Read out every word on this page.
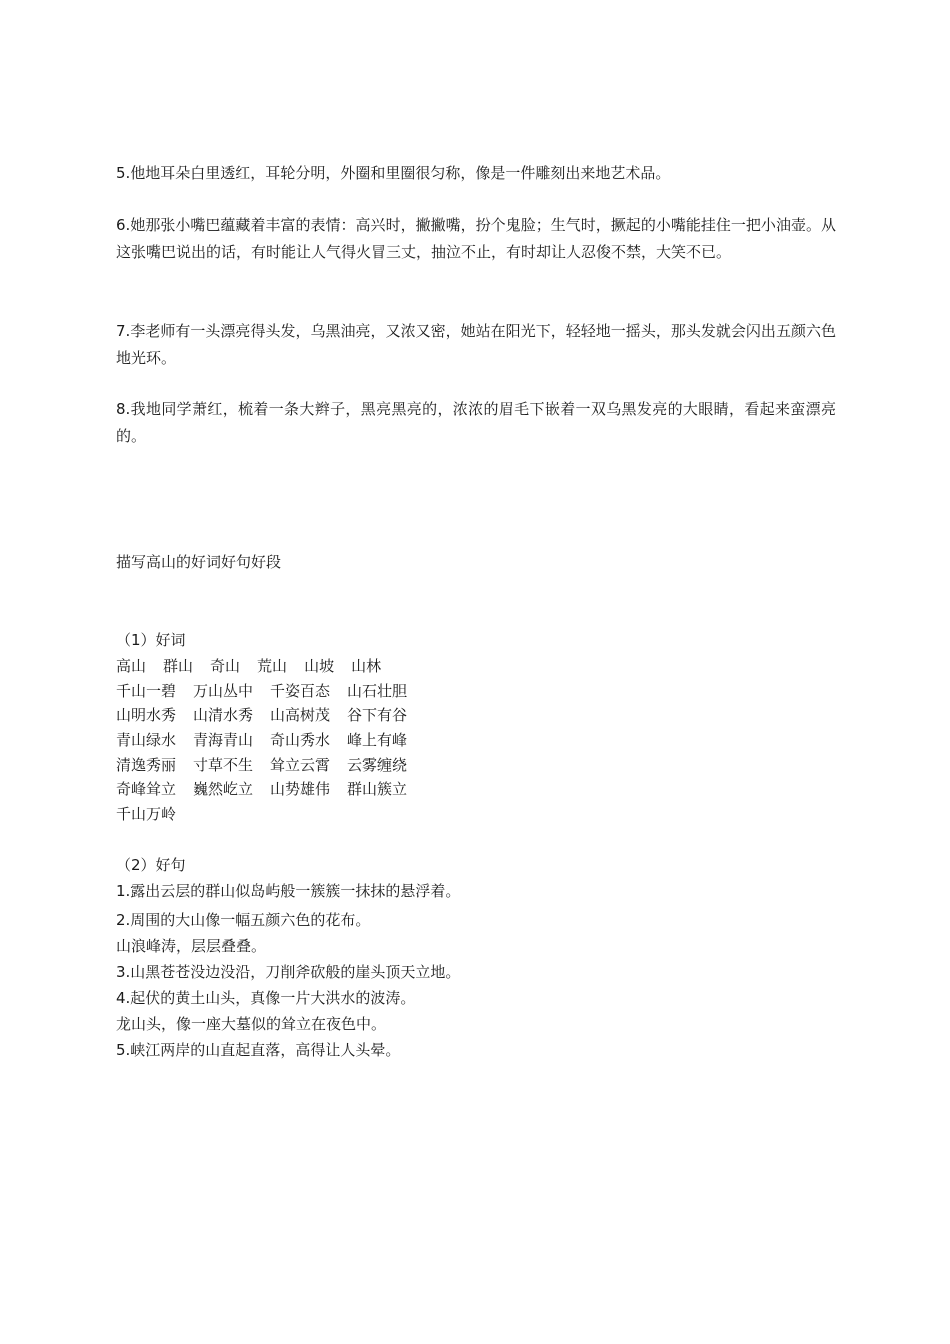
5.他地耳朵白里透红，耳轮分明，外圈和里圈很匀称，像是一件雕刻出来地艺术品。

6.她那张小嘴巴蕴藏着丰富的表情：高兴时，撇撇嘴，扮个鬼脸；生气时，撅起的小嘴能挂住一把小油壶。从这张嘴巴说出的话，有时能让人气得火冒三丈，抽泣不止，有时却让人忍俊不禁，大笑不已。

7.李老师有一头漂亮得头发，乌黑油亮，又浓又密，她站在阳光下，轻轻地一摇头，那头发就会闪出五颜六色地光环。

8.我地同学萧红，梳着一条大辫子，黑亮黑亮的，浓浓的眉毛下嵌着一双乌黑发亮的大眼睛，看起来蛮漂亮的。

描写高山的好词好句好段
（1）好词
高山 群山 奇山 荒山 山坡 山林
千山一碧 万山丛中 千姿百态 山石壮胆
山明水秀 山清水秀 山高树茂 谷下有谷
青山绿水 青海青山 奇山秀水 峰上有峰
清逸秀丽 寸草不生 耸立云霄 云雾缠绕
奇峰耸立 巍然屹立 山势雄伟 群山簇立
千山万岭
（2）好句
1.露出云层的群山似岛屿般一簇簇一抹抹的悬浮着。
2.周围的大山像一幅五颜六色的花布。
山浪峰涛，层层叠叠。
3.山黑苍苍没边没沿，刀削斧砍般的崖头顶天立地。
4.起伏的黄土山头，真像一片大洪水的波涛。
龙山头，像一座大墓似的耸立在夜色中。
5.峡江两岸的山直起直落，高得让人头晕。
